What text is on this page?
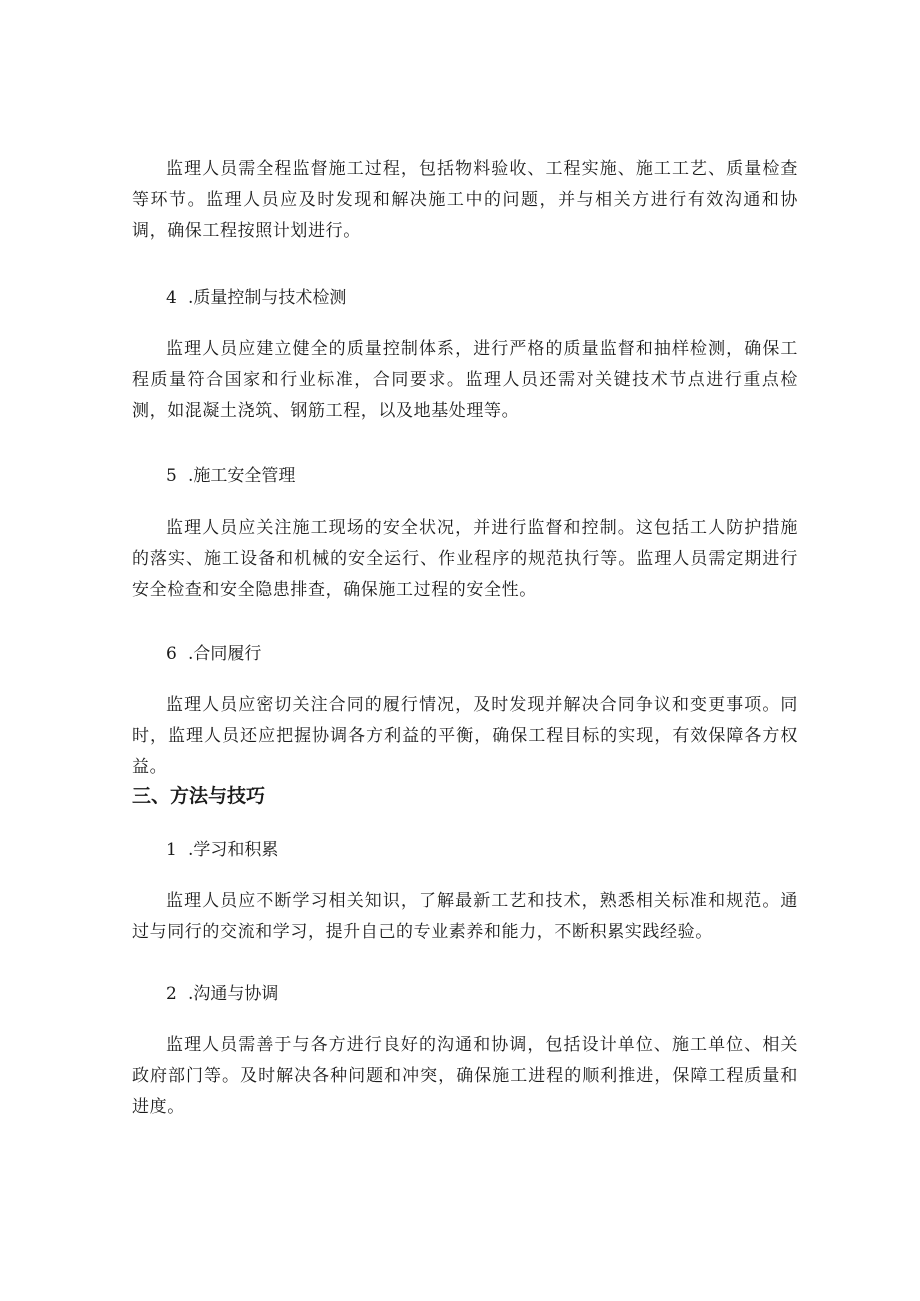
监理人员需全程监督施工过程，包括物料验收、工程实施、施工工艺、质量检查等环节。监理人员应及时发现和解决施工中的问题，并与相关方进行有效沟通和协调，确保工程按照计划进行。

4 .质量控制与技术检测

监理人员应建立健全的质量控制体系，进行严格的质量监督和抽样检测，确保工程质量符合国家和行业标准，合同要求。监理人员还需对关键技术节点进行重点检测，如混凝土浇筑、钢筋工程，以及地基处理等。

5 .施工安全管理

监理人员应关注施工现场的安全状况，并进行监督和控制。这包括工人防护措施的落实、施工设备和机械的安全运行、作业程序的规范执行等。监理人员需定期进行安全检查和安全隐患排查，确保施工过程的安全性。

6 .合同履行

监理人员应密切关注合同的履行情况，及时发现并解决合同争议和变更事项。同时，监理人员还应把握协调各方利益的平衡，确保工程目标的实现，有效保障各方权益。

三、方法与技巧

1 .学习和积累

监理人员应不断学习相关知识，了解最新工艺和技术，熟悉相关标准和规范。通过与同行的交流和学习，提升自己的专业素养和能力，不断积累实践经验。

2 .沟通与协调

监理人员需善于与各方进行良好的沟通和协调，包括设计单位、施工单位、相关政府部门等。及时解决各种问题和冲突，确保施工进程的顺利推进，保障工程质量和进度。
